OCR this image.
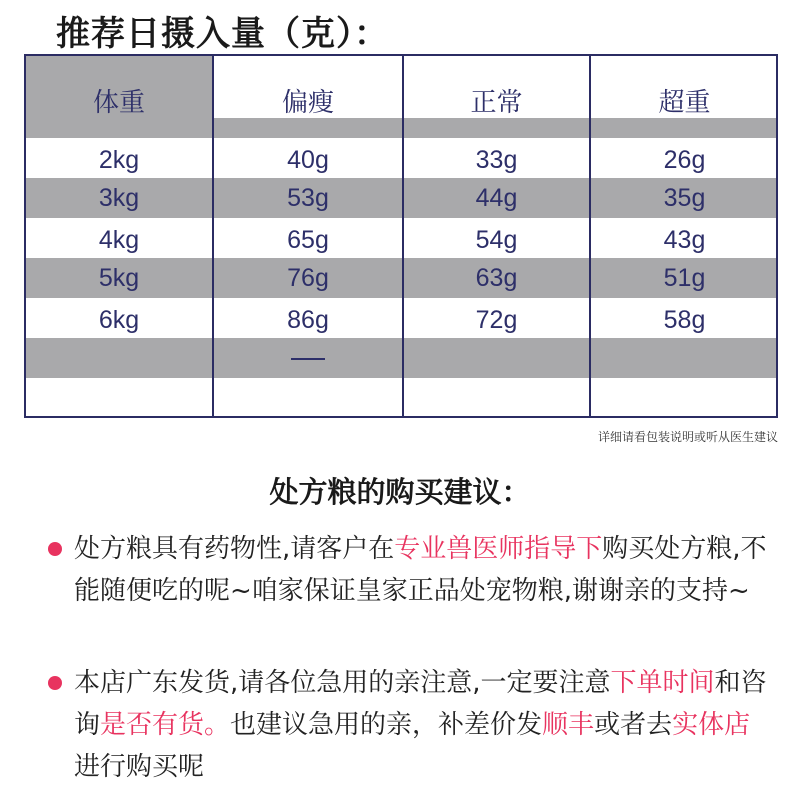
推荐日摄入量（克）：
体重	偏瘦	正常	超重
2kg	40g	33g	26g
3kg	53g	44g	35g
4kg	65g	54g	43g
5kg	76g	63g	51g
6kg	86g	72g	58g
详细请看包装说明或听从医生建议
处方粮的购买建议：
处方粮具有药物性,请客户在专业兽医师指导下购买处方粮,不能随便吃的呢~咱家保证皇家正品处宠物粮,谢谢亲的支持~
本店广东发货,请各位急用的亲注意,一定要注意下单时间和咨询是否有货。也建议急用的亲，补差价发顺丰或者去实体店进行购买呢
